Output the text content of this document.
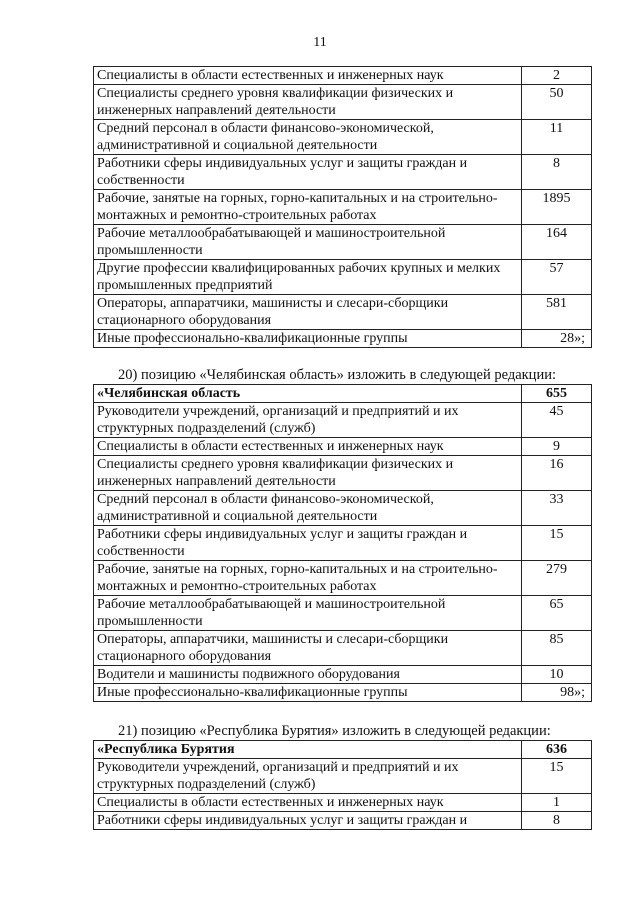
11
Специалисты в области естественных и инженерных наук	2
Специалисты среднего уровня квалификации физических и инженерных направлений деятельности	50
Средний персонал в области финансово-экономической, административной и социальной деятельности	11
Работники сферы индивидуальных услуг и защиты граждан и собственности	8
Рабочие, занятые на горных, горно-капитальных и на строительно-монтажных и ремонтно-строительных работах	1895
Рабочие металлообрабатывающей и машиностроительной промышленности	164
Другие профессии квалифицированных рабочих крупных и мелких промышленных предприятий	57
Операторы, аппаратчики, машинисты и слесари-сборщики стационарного оборудования	581
Иные профессионально-квалификационные группы	28»;
20) позицию «Челябинская область» изложить в следующей редакции:
«Челябинская область	655
Руководители учреждений, организаций и предприятий и их структурных подразделений (служб)	45
Специалисты в области естественных и инженерных наук	9
Специалисты среднего уровня квалификации физических и инженерных направлений деятельности	16
Средний персонал в области финансово-экономической, административной и социальной деятельности	33
Работники сферы индивидуальных услуг и защиты граждан и собственности	15
Рабочие, занятые на горных, горно-капитальных и на строительно-монтажных и ремонтно-строительных работах	279
Рабочие металлообрабатывающей и машиностроительной промышленности	65
Операторы, аппаратчики, машинисты и слесари-сборщики стационарного оборудования	85
Водители и машинисты подвижного оборудования	10
Иные профессионально-квалификационные группы	98»;
21) позицию «Республика Бурятия» изложить в следующей редакции:
«Республика Бурятия	636
Руководители учреждений, организаций и предприятий и их структурных подразделений (служб)	15
Специалисты в области естественных и инженерных наук	1
Работники сферы индивидуальных услуг и защиты граждан и	8
